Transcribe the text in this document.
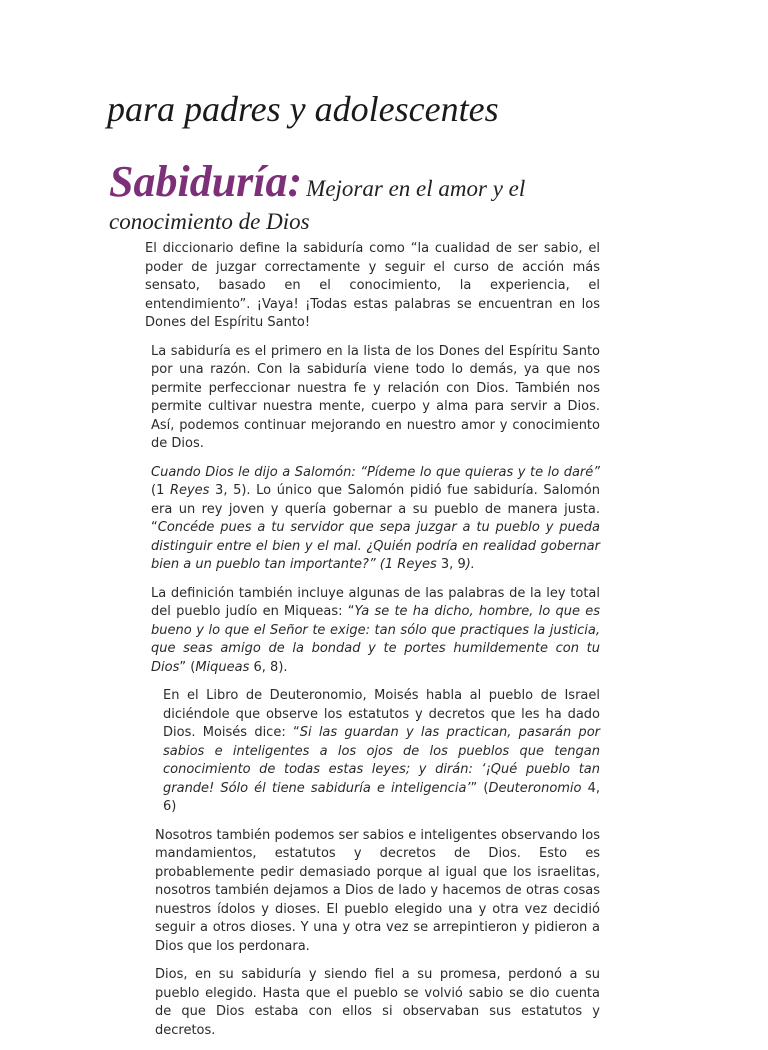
para padres y adolescentes
Sabiduría: Mejorar en el amor y el
conocimiento de Dios

El diccionario define la sabiduría como “la cualidad de ser sabio, el poder de juzgar correctamente y seguir el curso de acción más sensato, basado en el conocimiento, la experiencia, el entendimiento”. ¡Vaya! ¡Todas estas palabras se encuentran en los Dones del Espíritu Santo!

La sabiduría es el primero en la lista de los Dones del Espíritu Santo por una razón. Con la sabiduría viene todo lo demás, ya que nos permite perfeccionar nuestra fe y relación con Dios. También nos permite cultivar nuestra mente, cuerpo y alma para servir a Dios. Así, podemos continuar mejorando en nuestro amor y conocimiento de Dios.

Cuando Dios le dijo a Salomón: “Pídeme lo que quieras y te lo daré” (1 Reyes 3, 5). Lo único que Salomón pidió fue sabiduría. Salomón era un rey joven y quería gobernar a su pueblo de manera justa. “Concéde pues a tu servidor que sepa juzgar a tu pueblo y pueda distinguir entre el bien y el mal. ¿Quién podría en realidad gobernar bien a un pueblo tan importante?” (1 Reyes 3, 9).

La definición también incluye algunas de las palabras de la ley total del pueblo judío en Miqueas: “Ya se te ha dicho, hombre, lo que es bueno y lo que el Señor te exige: tan sólo que practiques la justicia, que seas amigo de la bondad y te portes humildemente con tu Dios” (Miqueas 6, 8).

En el Libro de Deuteronomio, Moisés habla al pueblo de Israel diciéndole que observe los estatutos y decretos que les ha dado Dios. Moisés dice: “Si las guardan y las practican, pasarán por sabios e inteligentes a los ojos de los pueblos que tengan conocimiento de todas estas leyes; y dirán: ‘¡Qué pueblo tan grande! Sólo él tiene sabiduría e inteligencia’” (Deuteronomio 4, 6)

Nosotros también podemos ser sabios e inteligentes observando los mandamientos, estatutos y decretos de Dios. Esto es probablemente pedir demasiado porque al igual que los israelitas, nosotros también dejamos a Dios de lado y hacemos de otras cosas nuestros ídolos y dioses. El pueblo elegido una y otra vez decidió seguir a otros dioses. Y una y otra vez se arrepintieron y pidieron a Dios que los perdonara.

Dios, en su sabiduría y siendo fiel a su promesa, perdonó a su pueblo elegido. Hasta que el pueblo se volvió sabio se dio cuenta de que Dios estaba con ellos si observaban sus estatutos y decretos.
